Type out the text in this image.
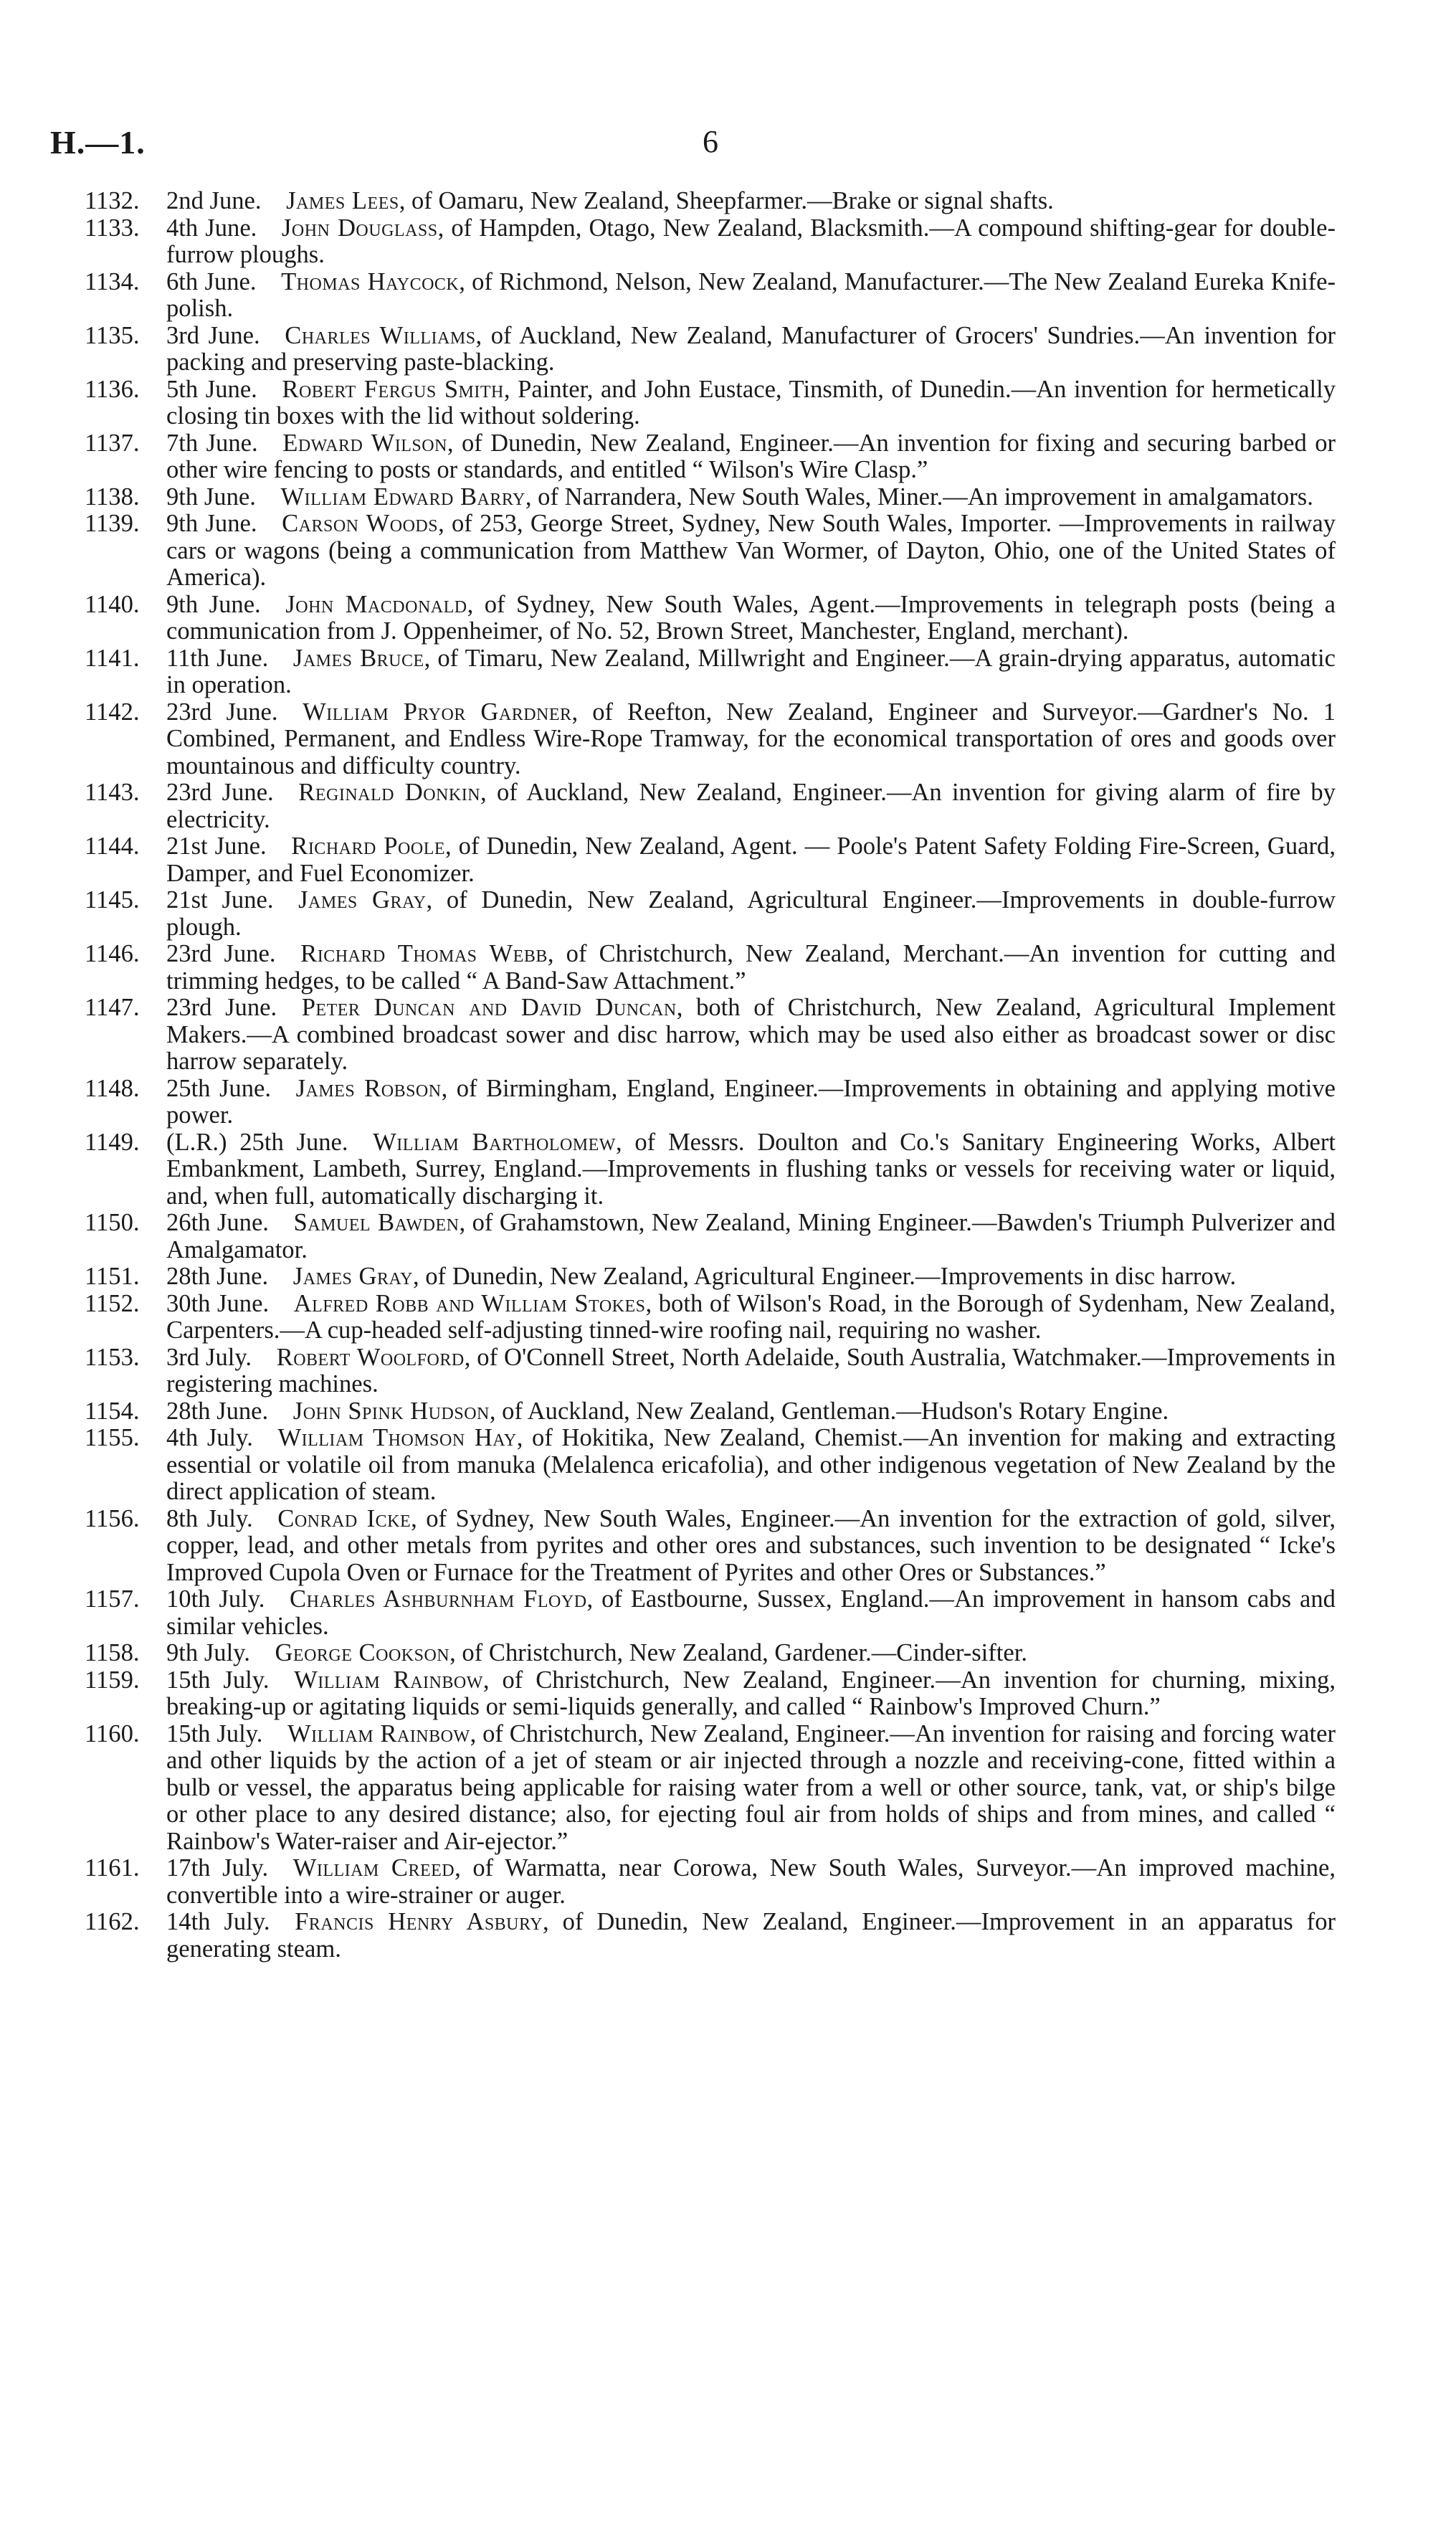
H.—1.	6
1132.	2nd June.  James Lees, of Oamaru, New Zealand, Sheepfarmer.—Brake or signal shafts.
1133.	4th June.  John Douglass, of Hampden, Otago, New Zealand, Blacksmith.—A compound shifting-gear for double-furrow ploughs.
1134.	6th June.  Thomas Haycock, of Richmond, Nelson, New Zealand, Manufacturer.—The New Zealand Eureka Knife-polish.
1135.	3rd June.  Charles Williams, of Auckland, New Zealand, Manufacturer of Grocers' Sundries.—An invention for packing and preserving paste-blacking.
1136.	5th June.  Robert Fergus Smith, Painter, and John Eustace, Tinsmith, of Dunedin.—An invention for hermetically closing tin boxes with the lid without soldering.
1137.	7th June.  Edward Wilson, of Dunedin, New Zealand, Engineer.—An invention for fixing and securing barbed or other wire fencing to posts or standards, and entitled “ Wilson's Wire Clasp.”
1138.	9th June.  William Edward Barry, of Narrandera, New South Wales, Miner.—An improvement in amalgamators.
1139.	9th June.  Carson Woods, of 253, George Street, Sydney, New South Wales, Importer. —Improvements in railway cars or wagons (being a communication from Matthew Van Wormer, of Dayton, Ohio, one of the United States of America).
1140.	9th June.  John Macdonald, of Sydney, New South Wales, Agent.—Improvements in telegraph posts (being a communication from J. Oppenheimer, of No. 52, Brown Street, Manchester, England, merchant).
1141.	11th June.  James Bruce, of Timaru, New Zealand, Millwright and Engineer.—A grain-drying apparatus, automatic in operation.
1142.	23rd June.  William Pryor Gardner, of Reefton, New Zealand, Engineer and Surveyor.—Gardner's No. 1 Combined, Permanent, and Endless Wire-Rope Tramway, for the economical transportation of ores and goods over mountainous and difficulty country.
1143.	23rd June.  Reginald Donkin, of Auckland, New Zealand, Engineer.—An invention for giving alarm of fire by electricity.
1144.	21st June.  Richard Poole, of Dunedin, New Zealand, Agent. — Poole's Patent Safety Folding Fire-Screen, Guard, Damper, and Fuel Economizer.
1145.	21st June.  James Gray, of Dunedin, New Zealand, Agricultural Engineer.—Improvements in double-furrow plough.
1146.	23rd June.  Richard Thomas Webb, of Christchurch, New Zealand, Merchant.—An invention for cutting and trimming hedges, to be called “ A Band-Saw Attachment.”
1147.	23rd June.  Peter Duncan and David Duncan, both of Christchurch, New Zealand, Agricultural Implement Makers.—A combined broadcast sower and disc harrow, which may be used also either as broadcast sower or disc harrow separately.
1148.	25th June.  James Robson, of Birmingham, England, Engineer.—Improvements in obtaining and applying motive power.
1149.	(L.R.) 25th June.  William Bartholomew, of Messrs. Doulton and Co.'s Sanitary Engineering Works, Albert Embankment, Lambeth, Surrey, England.—Improvements in flushing tanks or vessels for receiving water or liquid, and, when full, automatically discharging it.
1150.	26th June.  Samuel Bawden, of Grahamstown, New Zealand, Mining Engineer.—Bawden's Triumph Pulverizer and Amalgamator.
1151.	28th June.  James Gray, of Dunedin, New Zealand, Agricultural Engineer.—Improvements in disc harrow.
1152.	30th June.  Alfred Robb and William Stokes, both of Wilson's Road, in the Borough of Sydenham, New Zealand, Carpenters.—A cup-headed self-adjusting tinned-wire roofing nail, requiring no washer.
1153.	3rd July.  Robert Woolford, of O'Connell Street, North Adelaide, South Australia, Watchmaker.—Improvements in registering machines.
1154.	28th June.  John Spink Hudson, of Auckland, New Zealand, Gentleman.—Hudson's Rotary Engine.
1155.	4th July.  William Thomson Hay, of Hokitika, New Zealand, Chemist.—An invention for making and extracting essential or volatile oil from manuka (Melalenca ericafolia), and other indigenous vegetation of New Zealand by the direct application of steam.
1156.	8th July.  Conrad Icke, of Sydney, New South Wales, Engineer.—An invention for the extraction of gold, silver, copper, lead, and other metals from pyrites and other ores and substances, such invention to be designated “ Icke's Improved Cupola Oven or Furnace for the Treatment of Pyrites and other Ores or Substances.”
1157.	10th July.  Charles Ashburnham Floyd, of Eastbourne, Sussex, England.—An improvement in hansom cabs and similar vehicles.
1158.	9th July.  George Cookson, of Christchurch, New Zealand, Gardener.—Cinder-sifter.
1159.	15th July.  William Rainbow, of Christchurch, New Zealand, Engineer.—An invention for churning, mixing, breaking-up or agitating liquids or semi-liquids generally, and called “ Rainbow's Improved Churn.”
1160.	15th July.  William Rainbow, of Christchurch, New Zealand, Engineer.—An invention for raising and forcing water and other liquids by the action of a jet of steam or air injected through a nozzle and receiving-cone, fitted within a bulb or vessel, the apparatus being applicable for raising water from a well or other source, tank, vat, or ship's bilge or other place to any desired distance; also, for ejecting foul air from holds of ships and from mines, and called “ Rainbow's Water-raiser and Air-ejector.”
1161.	17th July.  William Creed, of Warmatta, near Corowa, New South Wales, Surveyor.—An improved machine, convertible into a wire-strainer or auger.
1162.	14th July.  Francis Henry Asbury, of Dunedin, New Zealand, Engineer.—Improvement in an apparatus for generating steam.
